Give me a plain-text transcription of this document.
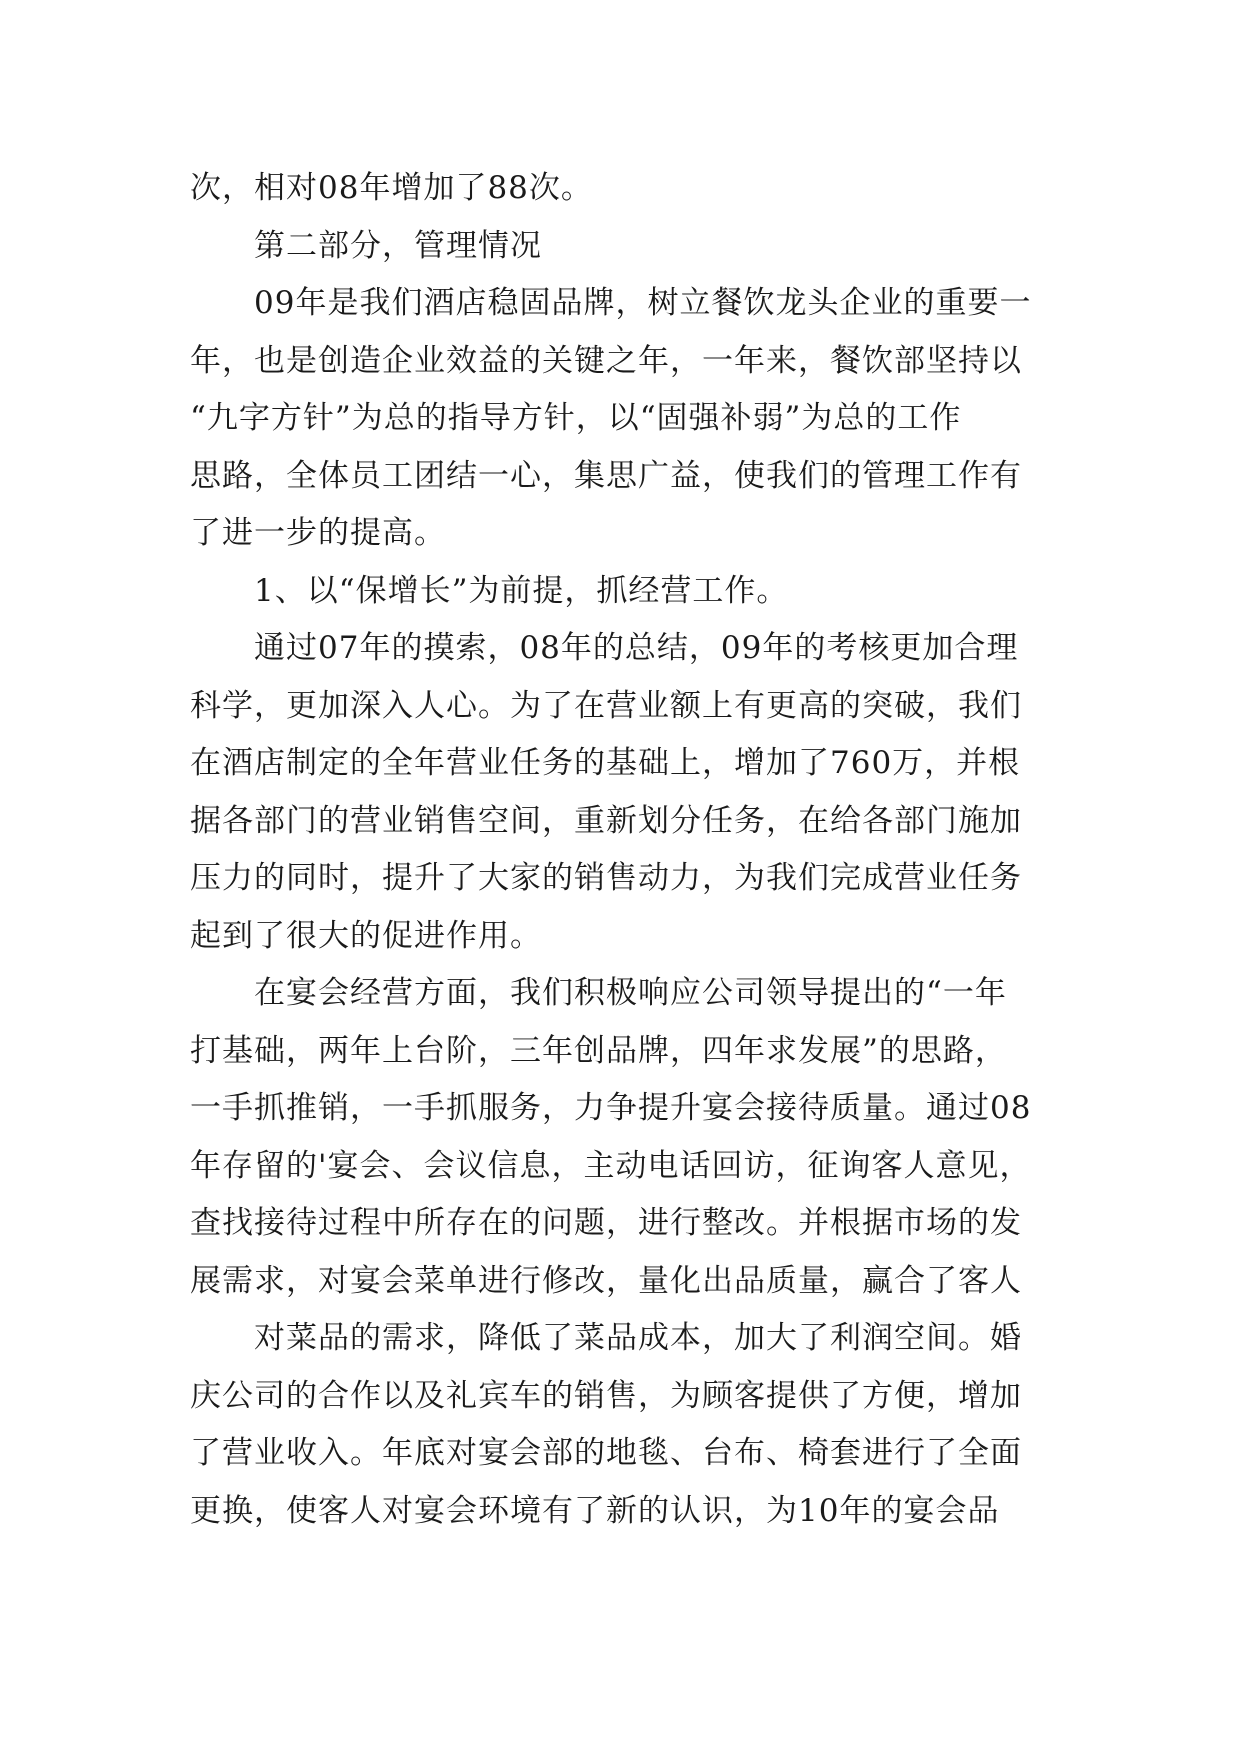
次，相对08年增加了88次。
第二部分，管理情况
09年是我们酒店稳固品牌，树立餐饮龙头企业的重要一
年，也是创造企业效益的关键之年，一年来，餐饮部坚持以
“九字方针”为总的指导方针，以“固强补弱”为总的工作
思路，全体员工团结一心，集思广益，使我们的管理工作有
了进一步的提高。
1、以“保增长”为前提，抓经营工作。
通过07年的摸索，08年的总结，09年的考核更加合理
科学，更加深入人心。为了在营业额上有更高的突破，我们
在酒店制定的全年营业任务的基础上，增加了760万，并根
据各部门的营业销售空间，重新划分任务，在给各部门施加
压力的同时，提升了大家的销售动力，为我们完成营业任务
起到了很大的促进作用。
在宴会经营方面，我们积极响应公司领导提出的“一年
打基础，两年上台阶，三年创品牌，四年求发展”的思路，
一手抓推销，一手抓服务，力争提升宴会接待质量。通过08
年存留的'宴会、会议信息，主动电话回访，征询客人意见，
查找接待过程中所存在的问题，进行整改。并根据市场的发
展需求，对宴会菜单进行修改，量化出品质量，赢合了客人
对菜品的需求，降低了菜品成本，加大了利润空间。婚
庆公司的合作以及礼宾车的销售，为顾客提供了方便，增加
了营业收入。年底对宴会部的地毯、台布、椅套进行了全面
更换，使客人对宴会环境有了新的认识，为10年的宴会品
